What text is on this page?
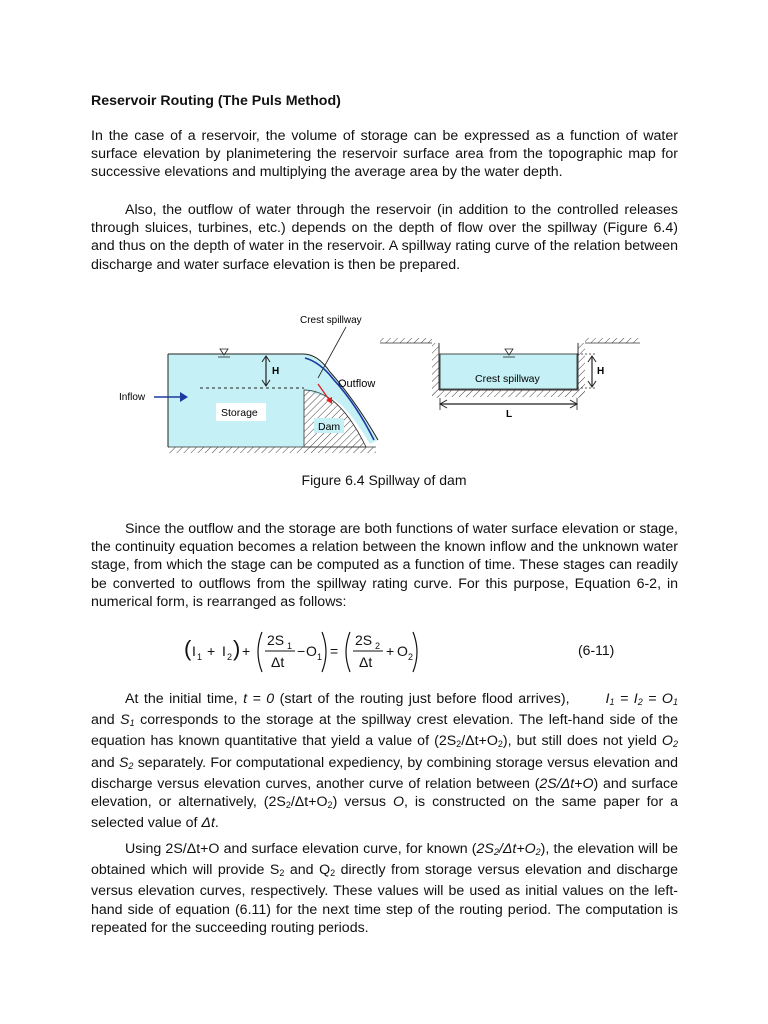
Reservoir Routing (The Puls Method)
In the case of a reservoir, the volume of storage can be expressed as a function of water surface elevation by planimetering the reservoir surface area from the topographic map for successive elevations and multiplying the average area by the water depth.
Also, the outflow of water through the reservoir (in addition to the controlled releases through sluices, turbines, etc.) depends on the depth of flow over the spillway (Figure 6.4) and thus on the depth of water in the reservoir. A spillway rating curve of the relation between discharge and water surface elevation is then be prepared.
H
Crest spillway
Outflow
Inflow
Storage
Dam
Crest spillway
H
L
Figure 6.4 Spillway of dam
Since the outflow and the storage are both functions of water surface elevation or stage, the continuity equation becomes a relation between the known inflow and the unknown water stage, from which the stage can be computed as a function of time. These stages can readily be converted to outflows from the spillway rating curve. For this purpose, Equation 6-2, in numerical form, is rearranged as follows:
( I 1 + I 2 ) +
2S 1
Δt
− O 1 =
2S 2
Δt
+ O 2	(6-11)
At the initial time, t = 0 (start of the routing just before flood arrives),	$I_1 = I_2 = O_1$ and $S_1$ corresponds to the storage at the spillway crest elevation. The left-hand side of the equation has known quantitative that yield a value of $(2S_2/\Delta t+O_2)$, but still does not yield $O_2$ and $S_2$ separately. For computational expediency, by combining storage versus elevation and discharge versus elevation curves, another curve of relation between (2S/Δt+O) and surface elevation, or alternatively, $(2S_2/\Delta t+O_2)$ versus O, is constructed on the same paper for a selected value of Δt.
Using 2S/Δt+O and surface elevation curve, for known $(2S_2/\Delta t+O_2)$, the elevation will be obtained which will provide $S_2$ and $Q_2$ directly from storage versus elevation and discharge versus elevation curves, respectively. These values will be used as initial values on the left-hand side of equation (6.11) for the next time step of the routing period. The computation is repeated for the succeeding routing periods.
